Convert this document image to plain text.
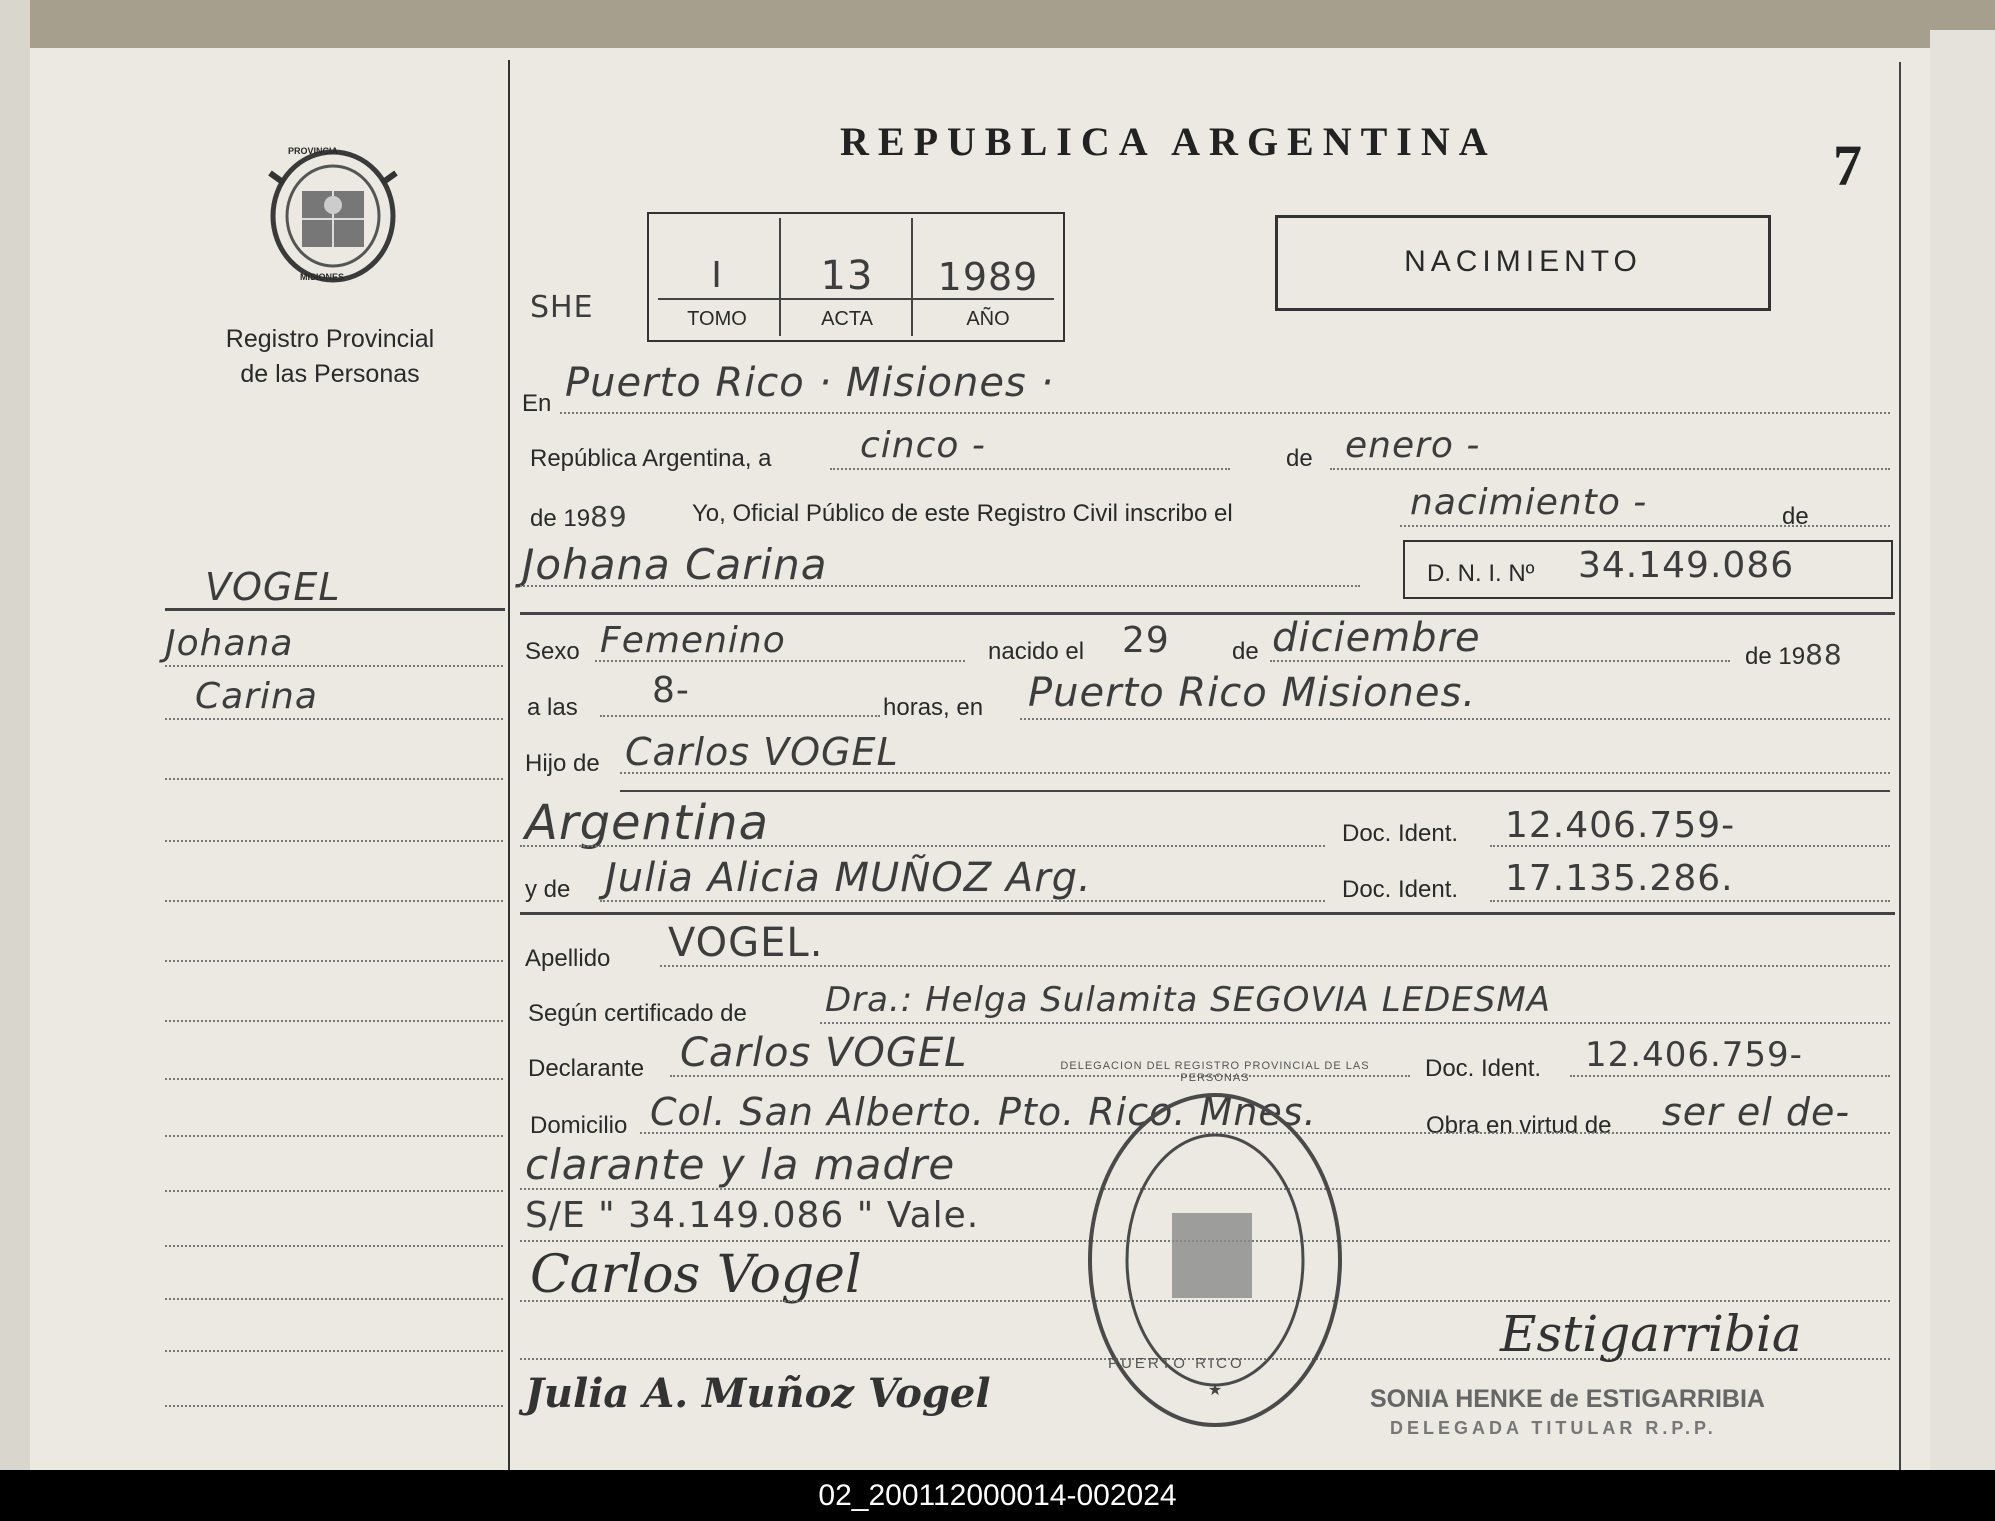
PROVINCIA
MISIONES
Registro Provincial
de las Personas
VOGEL
Johana
Carina
REPUBLICA ARGENTINA	7
NACIMIENTO
SHE
I	13	1989
TOMO	ACTA	AÑO
En Puerto Rico · Misiones ·
República Argentina, a cinco -	de enero -
de 1989	Yo, Oficial Público de este Registro Civil inscribo el	nacimiento -	de
Johana Carina	D. N. I. Nº 34.149.086
Sexo Femenino	nacido el 29	de diciembre	de 1988
a las 8-	horas, en Puerto Rico Misiones.
Hijo de Carlos VOGEL
Argentina	Doc. Ident. 12.406.759-
y de Julia Alicia MUÑOZ Arg.	Doc. Ident. 17.135.286.
Apellido VOGEL.
Según certificado de Dra.: Helga Sulamita SEGOVIA LEDESMA
Declarante Carlos VOGEL	Doc. Ident. 12.406.759-
Domicilio Col. San Alberto. Pto. Rico. Mnes.	Obra en virtud de ser el de-
clarante y la madre
S/E " 34.149.086 " Vale.
Carlos Vogel
Julia A. Muñoz Vogel	★
PUERTO RICO
DELEGACION DEL REGISTRO PROVINCIAL DE LAS PERSONAS
Estigarribia
SONIA HENKE de ESTIGARRIBIA
DELEGADA TITULAR R.P.P.
02_200112000014-002024
